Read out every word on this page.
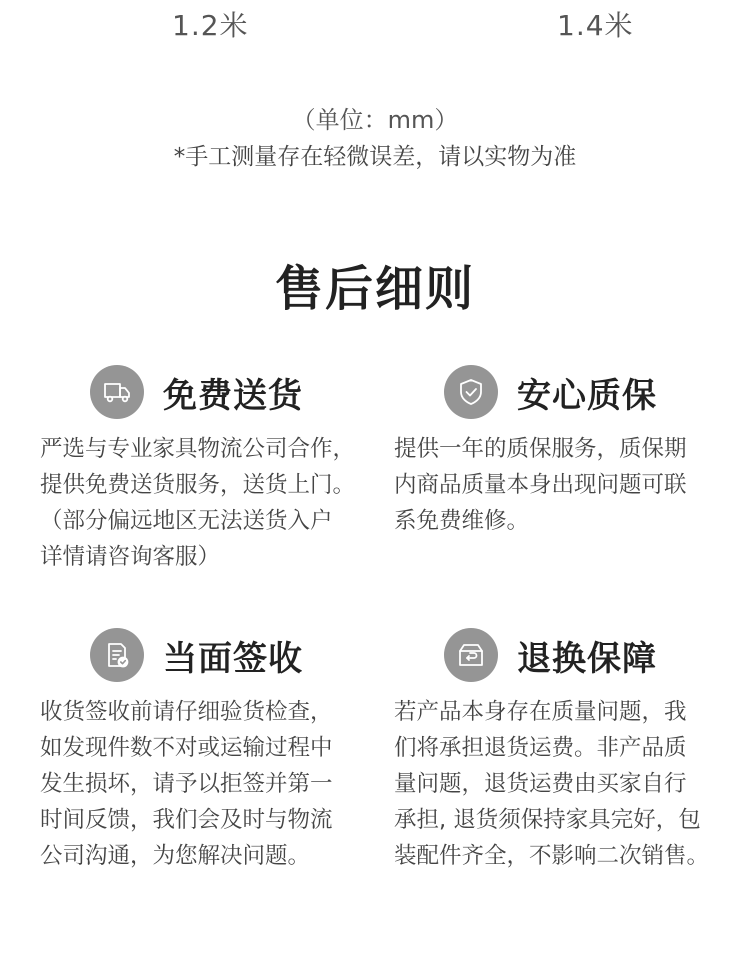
1.2米	1.4米
（单位：mm）
*手工测量存在轻微误差，请以实物为准
售后细则
免费送货
严选与专业家具物流公司合作，
提供免费送货服务，送货上门。
（部分偏远地区无法送货入户
详情请咨询客服）
安心质保
提供一年的质保服务，质保期
内商品质量本身出现问题可联
系免费维修。
当面签收
收货签收前请仔细验货检查，
如发现件数不对或运输过程中
发生损坏，请予以拒签并第一
时间反馈，我们会及时与物流
公司沟通，为您解决问题。
退换保障
若产品本身存在质量问题，我
们将承担退货运费。非产品质
量问题，退货运费由买家自行
承担, 退货须保持家具完好，包
装配件齐全，不影响二次销售。
